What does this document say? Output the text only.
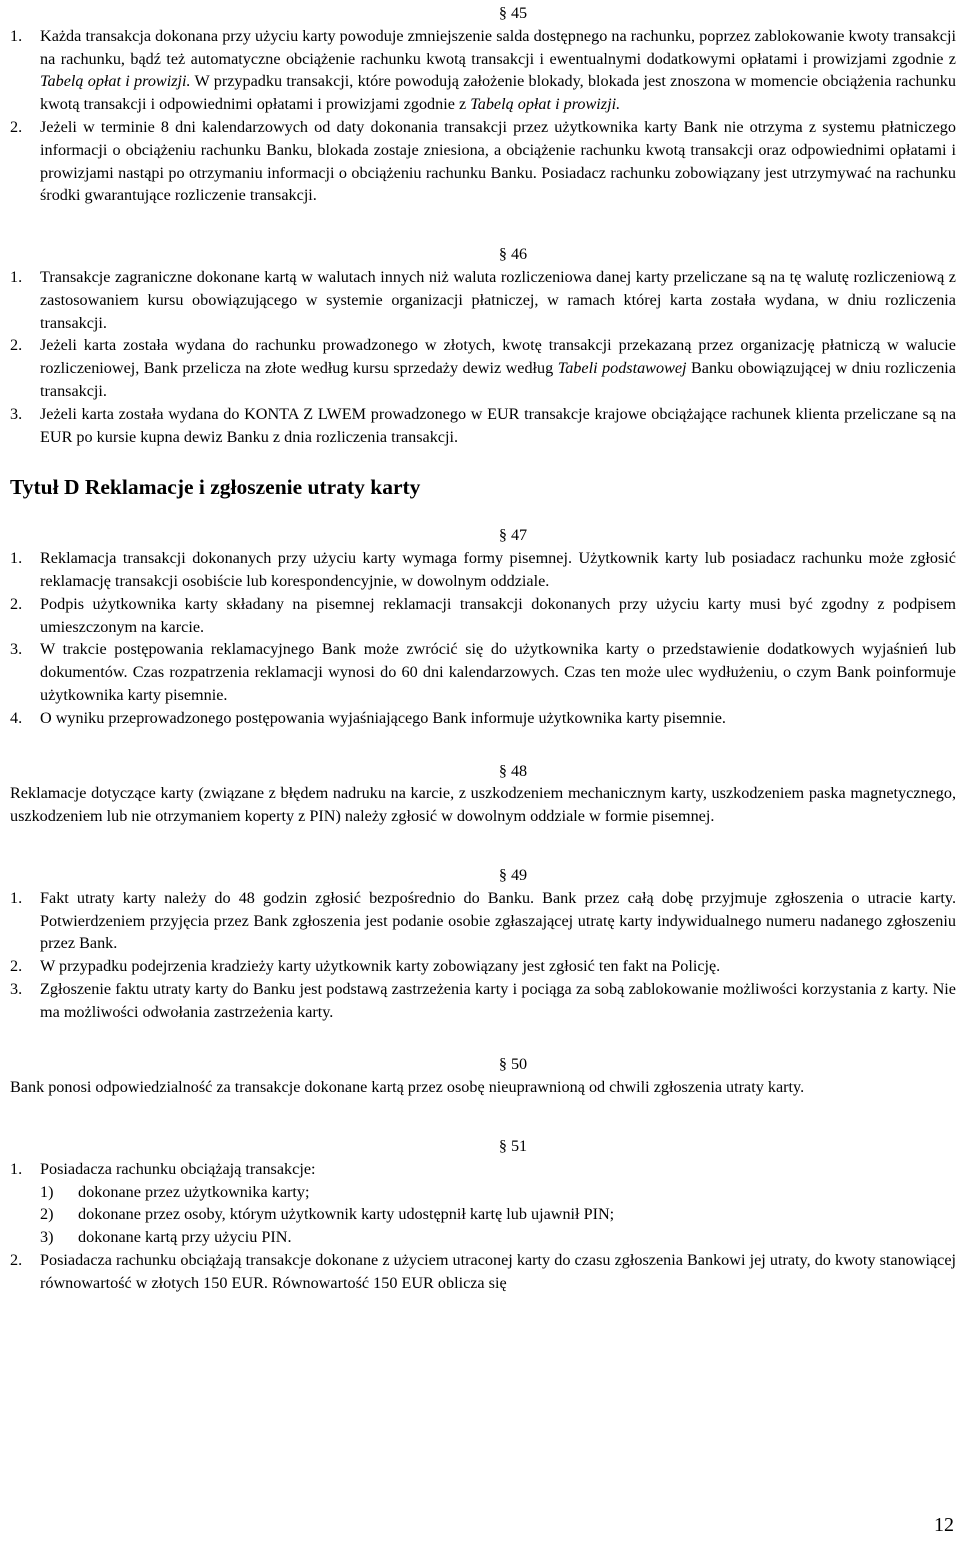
§ 45
1. Każda transakcja dokonana przy użyciu karty powoduje zmniejszenie salda dostępnego na rachunku, poprzez zablokowanie kwoty transakcji na rachunku, bądź też automatyczne obciążenie rachunku kwotą transakcji i ewentualnymi dodatkowymi opłatami i prowizjami zgodnie z Tabelą opłat i prowizji. W przypadku transakcji, które powodują założenie blokady, blokada jest znoszona w momencie obciążenia rachunku kwotą transakcji i odpowiednimi opłatami i prowizjami zgodnie z Tabelą opłat i prowizji.
2. Jeżeli w terminie 8 dni kalendarzowych od daty dokonania transakcji przez użytkownika karty Bank nie otrzyma z systemu płatniczego informacji o obciążeniu rachunku Banku, blokada zostaje zniesiona, a obciążenie rachunku kwotą transakcji oraz odpowiednimi opłatami i prowizjami nastąpi po otrzymaniu informacji o obciążeniu rachunku Banku. Posiadacz rachunku zobowiązany jest utrzymywać na rachunku środki gwarantujące rozliczenie transakcji.
§ 46
1. Transakcje zagraniczne dokonane kartą w walutach innych niż waluta rozliczeniowa danej karty przeliczane są na tę walutę rozliczeniową z zastosowaniem kursu obowiązującego w systemie organizacji płatniczej, w ramach której karta została wydana, w dniu rozliczenia transakcji.
2. Jeżeli karta została wydana do rachunku prowadzonego w złotych, kwotę transakcji przekazaną przez organizację płatniczą w walucie rozliczeniowej, Bank przelicza na złote według kursu sprzedaży dewiz według Tabeli podstawowej Banku obowiązującej w dniu rozliczenia transakcji.
3. Jeżeli karta została wydana do KONTA Z LWEM prowadzonego w EUR transakcje krajowe obciążające rachunek klienta przeliczane są na EUR po kursie kupna dewiz Banku z dnia rozliczenia transakcji.
Tytuł D Reklamacje i zgłoszenie utraty karty
§ 47
1. Reklamacja transakcji dokonanych przy użyciu karty wymaga formy pisemnej. Użytkownik karty lub posiadacz rachunku może zgłosić reklamację transakcji osobiście lub korespondencyjnie, w dowolnym oddziale.
2. Podpis użytkownika karty składany na pisemnej reklamacji transakcji dokonanych przy użyciu karty musi być zgodny z podpisem umieszczonym na karcie.
3. W trakcie postępowania reklamacyjnego Bank może zwrócić się do użytkownika karty o przedstawienie dodatkowych wyjaśnień lub dokumentów. Czas rozpatrzenia reklamacji wynosi do 60 dni kalendarzowych. Czas ten może ulec wydłużeniu, o czym Bank poinformuje użytkownika karty pisemnie.
4. O wyniku przeprowadzonego postępowania wyjaśniającego Bank informuje użytkownika karty pisemnie.
§ 48
Reklamacje dotyczące karty (związane z błędem nadruku na karcie, z uszkodzeniem mechanicznym karty, uszkodzeniem paska magnetycznego, uszkodzeniem lub nie otrzymaniem koperty z PIN) należy zgłosić w dowolnym oddziale w formie pisemnej.
§ 49
1. Fakt utraty karty należy do 48 godzin zgłosić bezpośrednio do Banku. Bank przez całą dobę przyjmuje zgłoszenia o utracie karty. Potwierdzeniem przyjęcia przez Bank zgłoszenia jest podanie osobie zgłaszającej utratę karty indywidualnego numeru nadanego zgłoszeniu przez Bank.
2. W przypadku podejrzenia kradzieży karty użytkownik karty zobowiązany jest zgłosić ten fakt na Policję.
3. Zgłoszenie faktu utraty karty do Banku jest podstawą zastrzeżenia karty i pociąga za sobą zablokowanie możliwości korzystania z karty. Nie ma możliwości odwołania zastrzeżenia karty.
§ 50
Bank ponosi odpowiedzialność za transakcje dokonane kartą przez osobę nieuprawnioną od chwili zgłoszenia utraty karty.
§ 51
1. Posiadacza rachunku obciążają transakcje:
1) dokonane przez użytkownika karty;
2) dokonane przez osoby, którym użytkownik karty udostępnił kartę lub ujawnił PIN;
3) dokonane kartą przy użyciu PIN.
2. Posiadacza rachunku obciążają transakcje dokonane z użyciem utraconej karty do czasu zgłoszenia Bankowi jej utraty, do kwoty stanowiącej równowartość w złotych 150 EUR. Równowartość 150 EUR oblicza się
12
